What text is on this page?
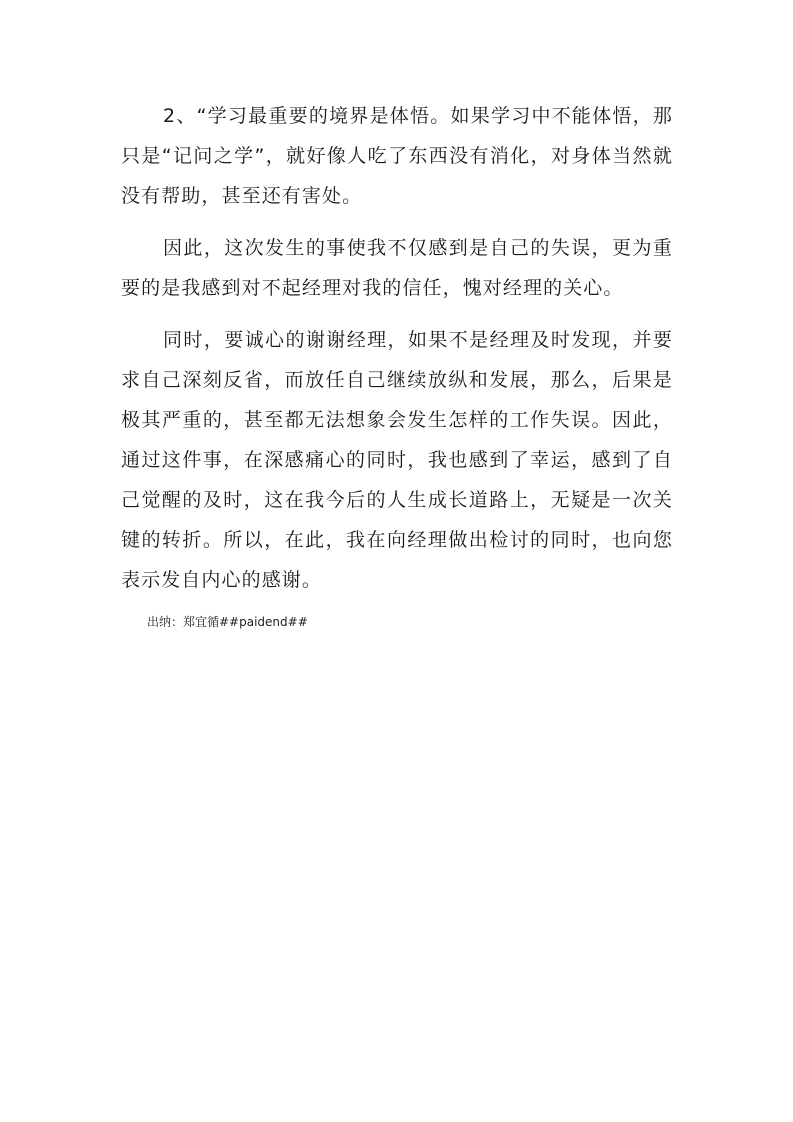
2、“学习最重要的境界是体悟。如果学习中不能体悟，那只是“记问之学”，就好像人吃了东西没有消化，对身体当然就没有帮助，甚至还有害处。

因此，这次发生的事使我不仅感到是自己的失误，更为重要的是我感到对不起经理对我的信任，愧对经理的关心。

同时，要诚心的谢谢经理，如果不是经理及时发现，并要求自己深刻反省，而放任自己继续放纵和发展，那么，后果是极其严重的，甚至都无法想象会发生怎样的工作失误。因此，通过这件事，在深感痛心的同时，我也感到了幸运，感到了自己觉醒的及时，这在我今后的人生成长道路上，无疑是一次关键的转折。所以，在此，我在向经理做出检讨的同时，也向您表示发自内心的感谢。

出纳：郑宜循##paidend##
